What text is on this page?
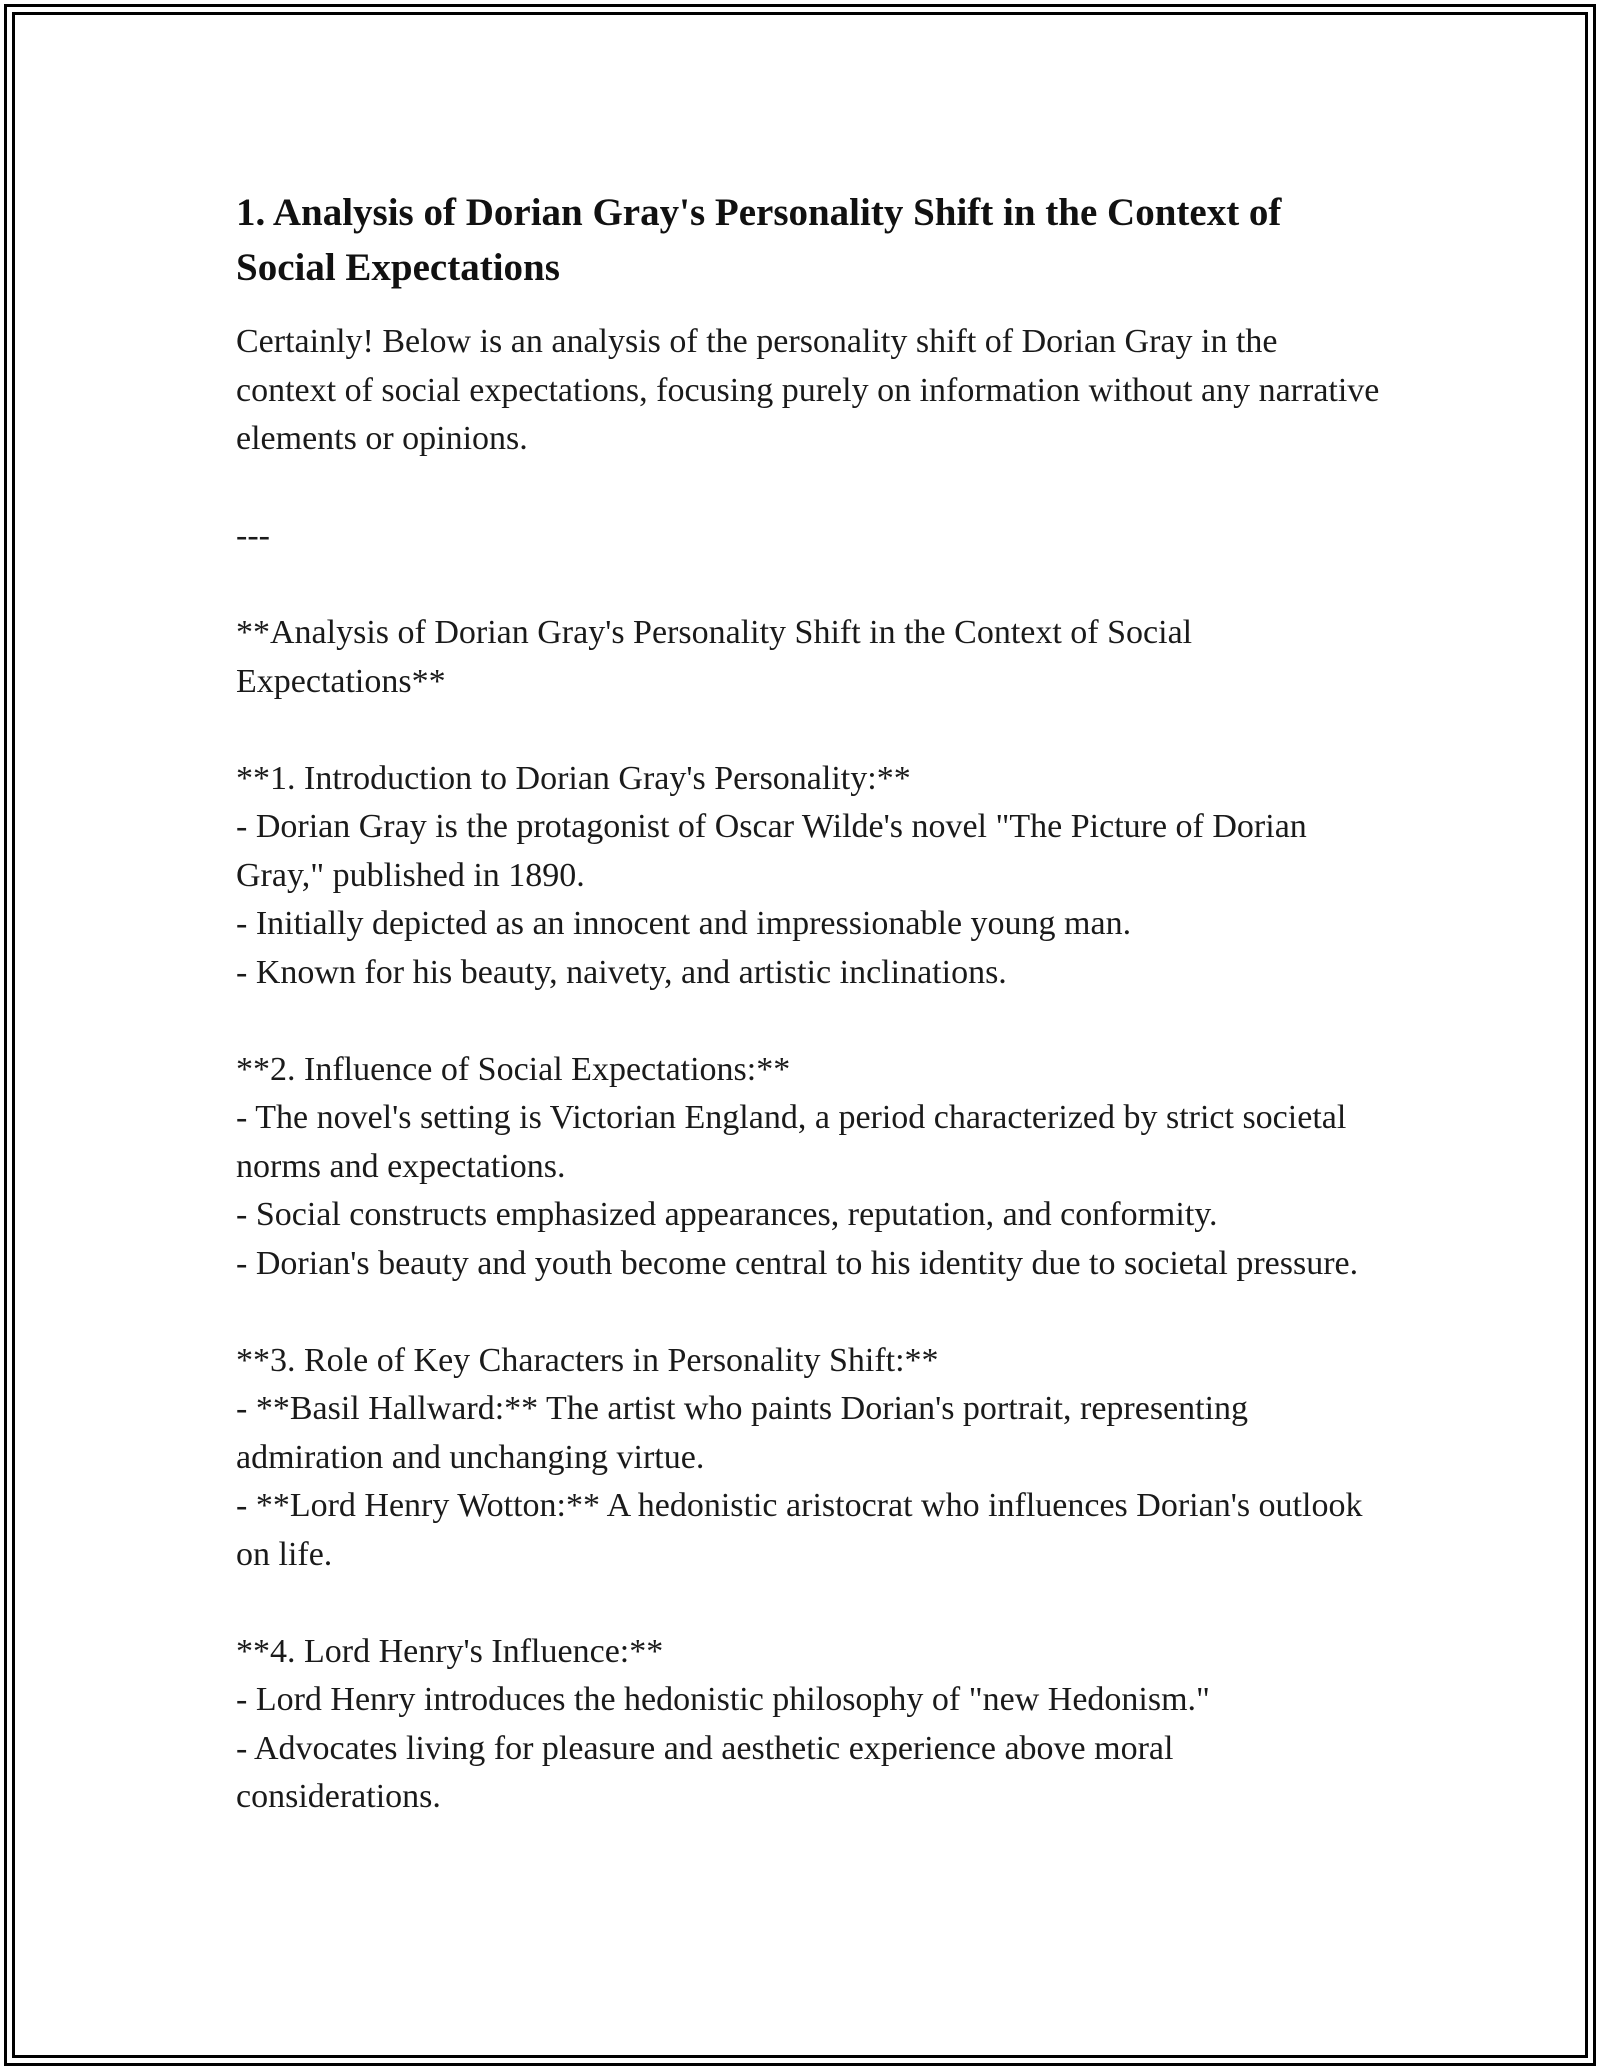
1. Analysis of Dorian Gray's Personality Shift in the Context of Social Expectations

Certainly! Below is an analysis of the personality shift of Dorian Gray in the context of social expectations, focusing purely on information without any narrative elements or opinions.

---

**Analysis of Dorian Gray's Personality Shift in the Context of Social Expectations**

**1. Introduction to Dorian Gray's Personality:**

- Dorian Gray is the protagonist of Oscar Wilde's novel "The Picture of Dorian Gray," published in 1890.

- Initially depicted as an innocent and impressionable young man.

- Known for his beauty, naivety, and artistic inclinations.

**2. Influence of Social Expectations:**

- The novel's setting is Victorian England, a period characterized by strict societal norms and expectations.

- Social constructs emphasized appearances, reputation, and conformity.

- Dorian's beauty and youth become central to his identity due to societal pressure.

**3. Role of Key Characters in Personality Shift:**

- **Basil Hallward:** The artist who paints Dorian's portrait, representing admiration and unchanging virtue.

- **Lord Henry Wotton:** A hedonistic aristocrat who influences Dorian's outlook on life.

**4. Lord Henry's Influence:**

- Lord Henry introduces the hedonistic philosophy of "new Hedonism."

- Advocates living for pleasure and aesthetic experience above moral considerations.
